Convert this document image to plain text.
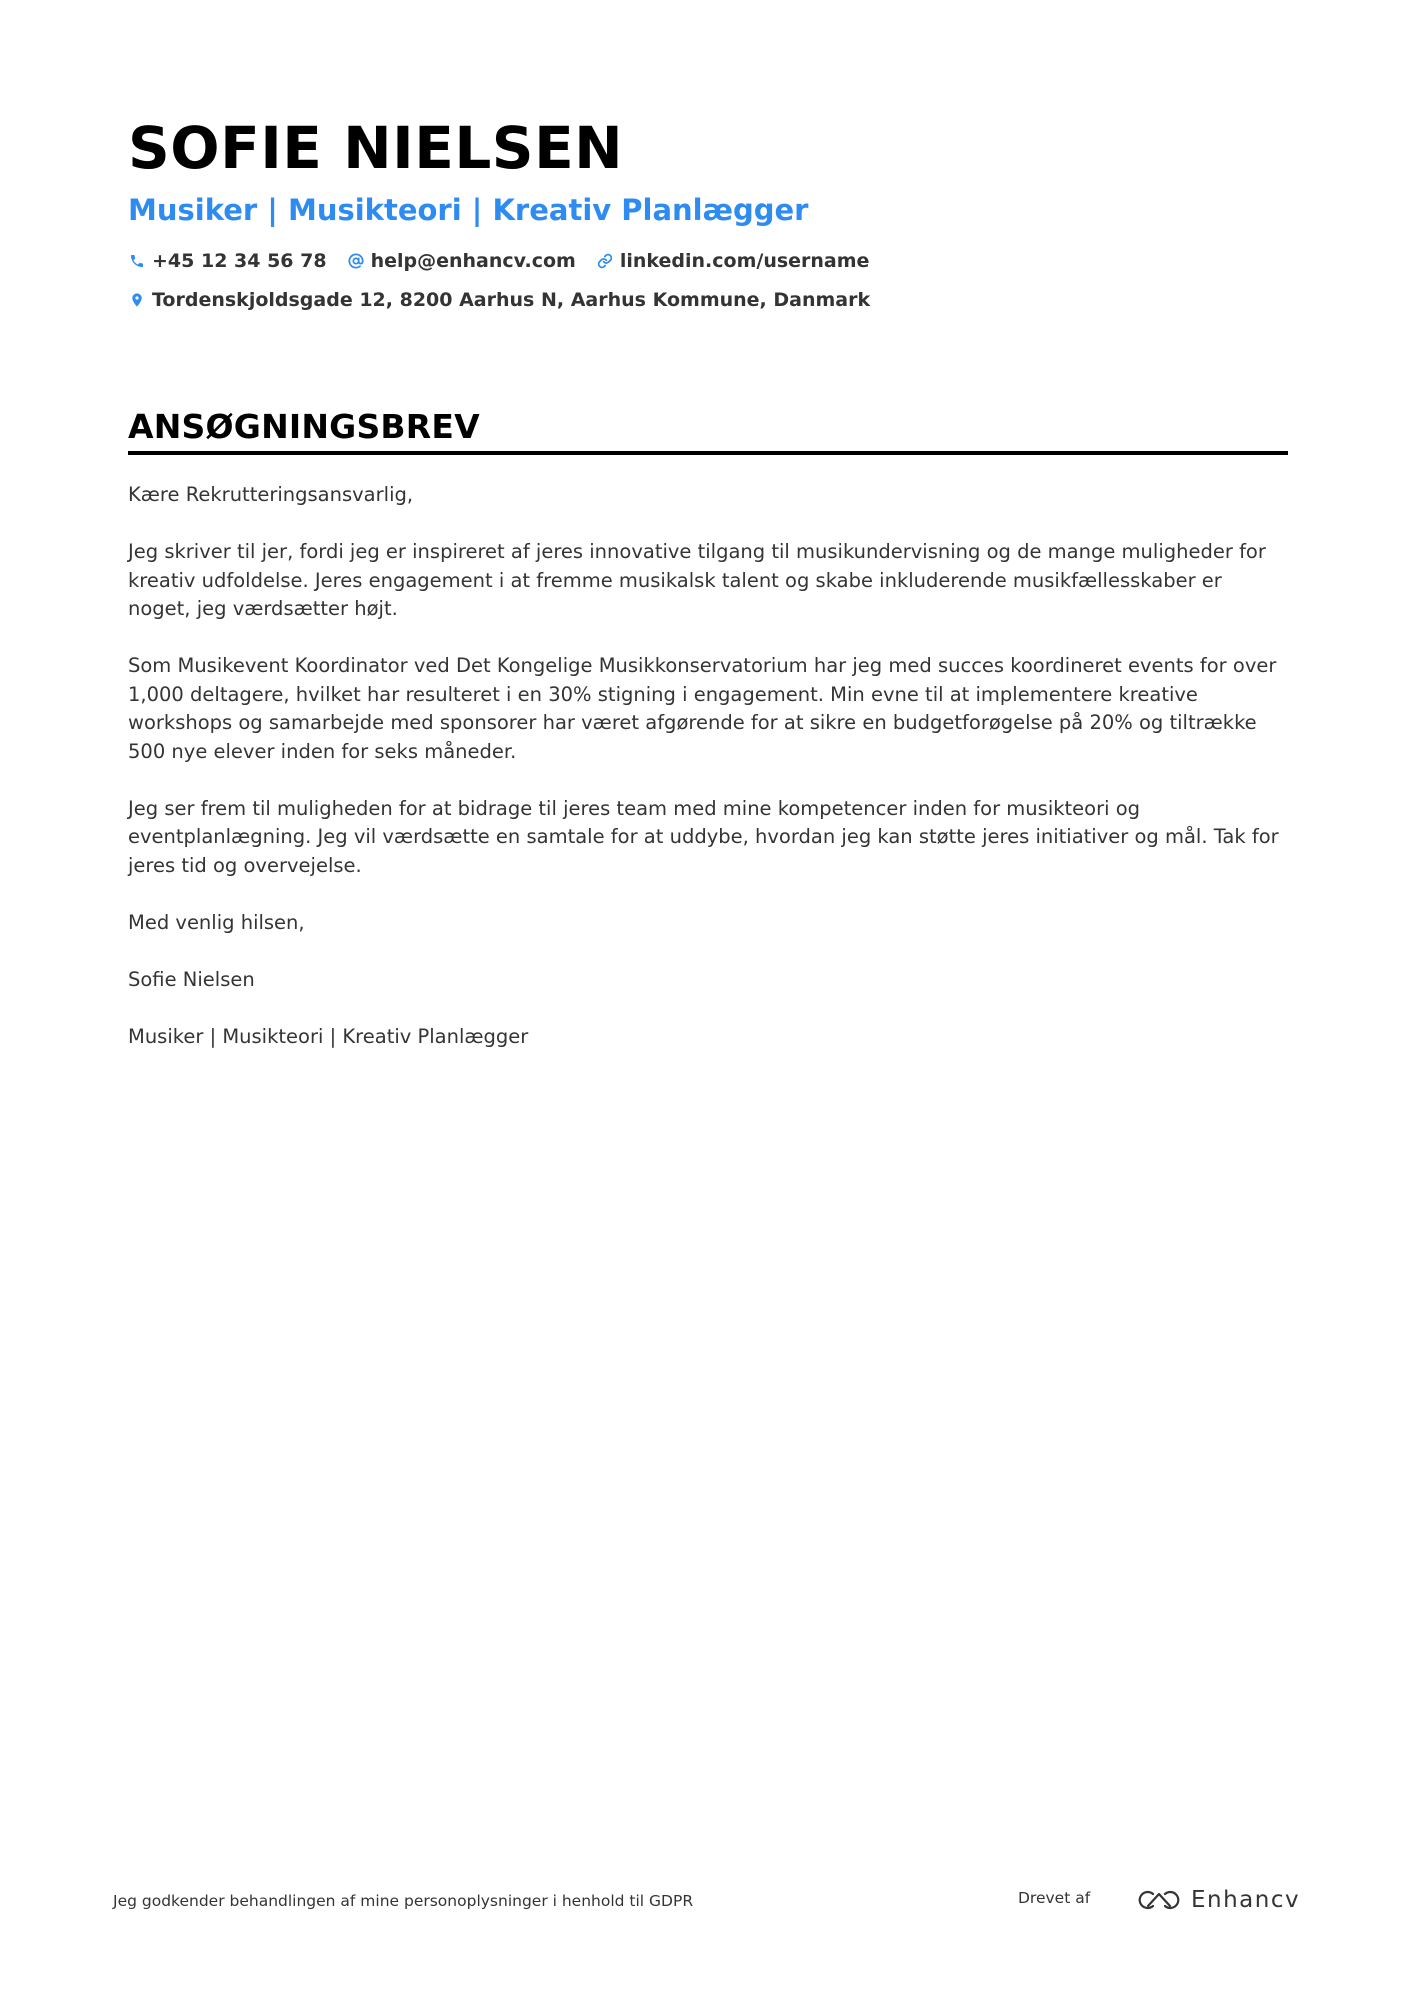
SOFIE NIELSEN
Musiker | Musikteori | Kreativ Planlægger
+45 12 34 56 78 help@enhancv.com linkedin.com/username
Tordenskjoldsgade 12, 8200 Aarhus N, Aarhus Kommune, Danmark
ANSØGNINGSBREV

Kære Rekrutteringsansvarlig,

Jeg skriver til jer, fordi jeg er inspireret af jeres innovative tilgang til musikundervisning og de mange muligheder for kreativ udfoldelse. Jeres engagement i at fremme musikalsk talent og skabe inkluderende musikfællesskaber er noget, jeg værdsætter højt.

Som Musikevent Koordinator ved Det Kongelige Musikkonservatorium har jeg med succes koordineret events for over 1,000 deltagere, hvilket har resulteret i en 30% stigning i engagement. Min evne til at implementere kreative workshops og samarbejde med sponsorer har været afgørende for at sikre en budgetforøgelse på 20% og tiltrække 500 nye elever inden for seks måneder.

Jeg ser frem til muligheden for at bidrage til jeres team med mine kompetencer inden for musikteori og eventplanlægning. Jeg vil værdsætte en samtale for at uddybe, hvordan jeg kan støtte jeres initiativer og mål. Tak for jeres tid og overvejelse.

Med venlig hilsen,

Sofie Nielsen

Musiker | Musikteori | Kreativ Planlægger

Jeg godkender behandlingen af mine personoplysninger i henhold til GDPR	Drevet af	Enhancv
